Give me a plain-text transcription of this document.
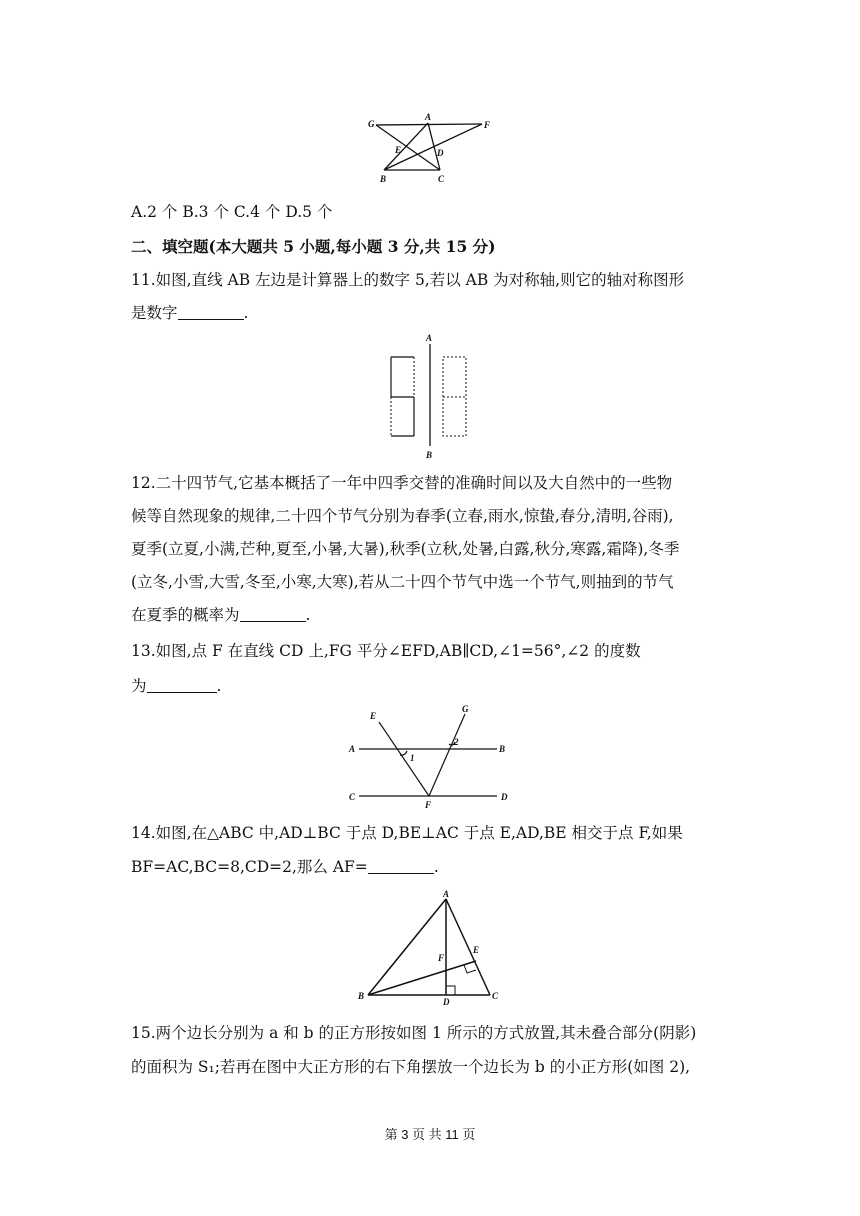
G
A
F
E	D
B	C
A.2 个 B.3 个 C.4 个 D.5 个
二、填空题(本大题共 5 小题,每小题 3 分,共 15 分)
11.如图,直线 AB 左边是计算器上的数字 5,若以 AB 为对称轴,则它的轴对称图形
是数字	.
A
B
12.二十四节气,它基本概括了一年中四季交替的准确时间以及大自然中的一些物
候等自然现象的规律,二十四个节气分别为春季(立春,雨水,惊蛰,春分,清明,谷雨),
夏季(立夏,小满,芒种,夏至,小暑,大暑),秋季(立秋,处暑,白露,秋分,寒露,霜降),冬季
(立冬,小雪,大雪,冬至,小寒,大寒),若从二十四个节气中选一个节气,则抽到的节气
在夏季的概率为	.
13.如图,点 F 在直线 CD 上,FG 平分∠EFD,AB∥CD,∠1=56°,∠2 的度数
为	.
E
G
A	B
C	D
F
1
2
14.如图,在△ABC 中,AD⊥BC 于点 D,BE⊥AC 于点 E,AD,BE 相交于点 F,如果
BF=AC,BC=8,CD=2,那么 AF=	.
A
E
F
B
D
C
15.两个边长分别为 a 和 b 的正方形按如图 1 所示的方式放置,其未叠合部分(阴影)
的面积为 S₁;若再在图中大正方形的右下角摆放一个边长为 b 的小正方形(如图 2),
第 3 页 共 11 页
